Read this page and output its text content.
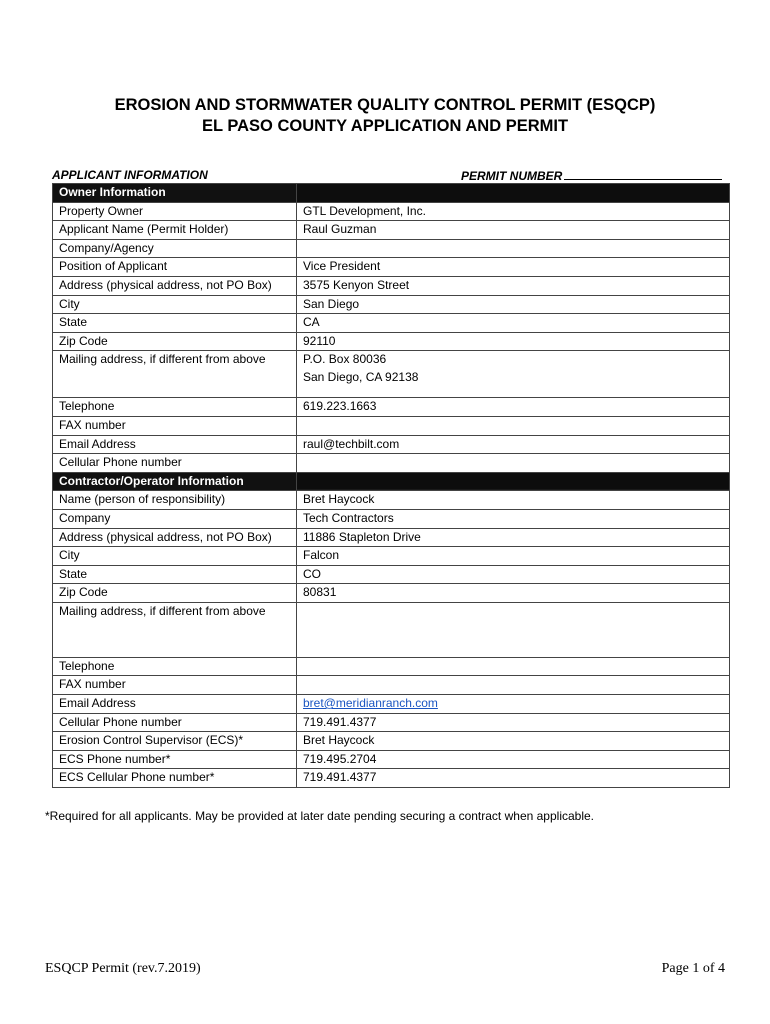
EROSION AND STORMWATER QUALITY CONTROL PERMIT (ESQCP)
EL PASO COUNTY APPLICATION AND PERMIT
APPLICANT INFORMATION	PERMIT NUMBER
Owner Information	
Property Owner	GTL Development, Inc.
Applicant Name (Permit Holder)	Raul Guzman
Company/Agency	
Position of Applicant	Vice President
Address (physical address, not PO Box)	3575 Kenyon Street
City	San Diego
State	CA
Zip Code	92110
Mailing address, if different from above	P.O. Box 80036
San Diego, CA 92138

Telephone	619.223.1663
FAX number	
Email Address	raul@techbilt.com
Cellular Phone number	
Contractor/Operator Information	
Name (person of responsibility)	Bret Haycock
Company	Tech Contractors
Address (physical address, not PO Box)	11886 Stapleton Drive
City	Falcon
State	CO
Zip Code	80831
Mailing address, if different from above	
Telephone	
FAX number	
Email Address	bret@meridianranch.com
Cellular Phone number	719.491.4377
Erosion Control Supervisor (ECS)*	Bret Haycock
ECS Phone number*	719.495.2704
ECS Cellular Phone number*	719.491.4377
*Required for all applicants. May be provided at later date pending securing a contract when applicable.
ESQCP Permit (rev.7.2019)	Page 1 of 4
